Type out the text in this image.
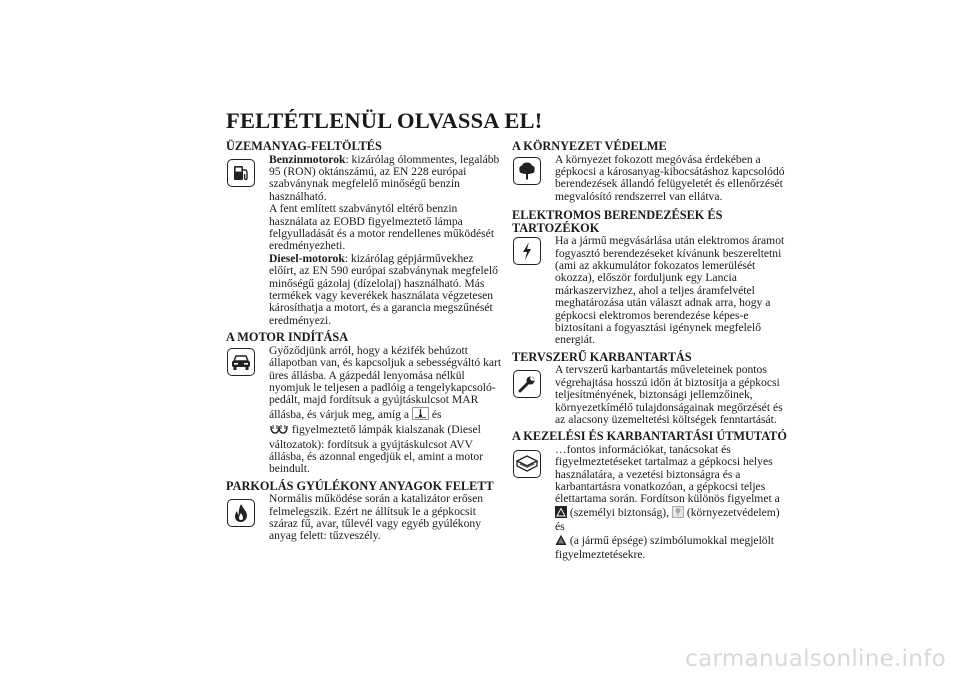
FELTÉTLENÜL OLVASSA EL!
ÜZEMANYAG-FELTÖLTÉS

Benzinmotorok: kizárólag ólommentes, legalább 95 (RON) oktánszámú, az EN 228 európai szabványnak megfelelő minőségű benzin használható.

A fent említett szabványtól eltérő benzin használata az EOBD figyelmeztető lámpa felgyulladását és a motor rendellenes működését eredményezheti.

Diesel-motorok: kizárólag gépjárművekhez előírt, az EN 590 európai szabványnak megfelelő minőségű gázolaj (dízelolaj) használható. Más termékek vagy keverékek használata végzetesen károsíthatja a motort, és a garancia megszűnését eredményezi.

A MOTOR INDÍTÁSA

Győződjünk arról, hogy a kézifék behúzott állapotban van, és kapcsoljuk a sebességváltó kart üres állásba. A gázpedál lenyomása nélkül nyomjuk le teljesen a padlóig a tengelykapcsoló-pedált, majd fordítsuk a gyújtáskulcsot MAR állásba, és várjuk meg, amíg a és
figyelmeztető lámpák kialszanak (Diesel változatok): fordítsuk a gyújtáskulcsot AVV állásba, és azonnal engedjük el, amint a motor beindult.

PARKOLÁS GYÚLÉKONY ANYAGOK FELETT

Normális működése során a katalizátor erősen felmelegszik. Ezért ne állítsuk le a gépkocsit száraz fű, avar, tűlevél vagy egyéb gyúlékony anyag felett: tűzveszély.

A KÖRNYEZET VÉDELME

A környezet fokozott megóvása érdekében a gépkocsi a károsanyag-kibocsátáshoz kapcsolódó berendezések állandó felügyeletét és ellenőrzését megvalósító rendszerrel van ellátva.

ELEKTROMOS BERENDEZÉSEK ÉS TARTOZÉKOK

Ha a jármű megvásárlása után elektromos áramot fogyasztó berendezéseket kívánunk beszereltetni (ami az akkumulátor fokozatos lemerülését okozza), először forduljunk egy Lancia márkaszervizhez, ahol a teljes áramfelvétel meghatározása után választ adnak arra, hogy a gépkocsi elektromos berendezése képes-e biztosítani a fogyasztási igénynek megfelelő energiát.

TERVSZERŰ KARBANTARTÁS

A tervszerű karbantartás műveleteinek pontos végrehajtása hosszú időn át biztosítja a gépkocsi teljesítményének, biztonsági jellemzőinek, környezetkímélő tulajdonságainak megőrzését és az alacsony üzemeltetési költségek fenntartását.

A KEZELÉSI ÉS KARBANTARTÁSI ÚTMUTATÓ

…fontos információkat, tanácsokat és figyelmeztetéseket tartalmaz a gépkocsi helyes használatára, a vezetési biztonságra és a karbantartásra vonatkozóan, a gépkocsi teljes élettartama során. Fordítson különös figyelmet a
(személyi biztonság), (környezetvédelem) és
(a jármű épsége) szimbólumokkal megjelölt figyelmeztetésekre.

carmanualsonline.info
